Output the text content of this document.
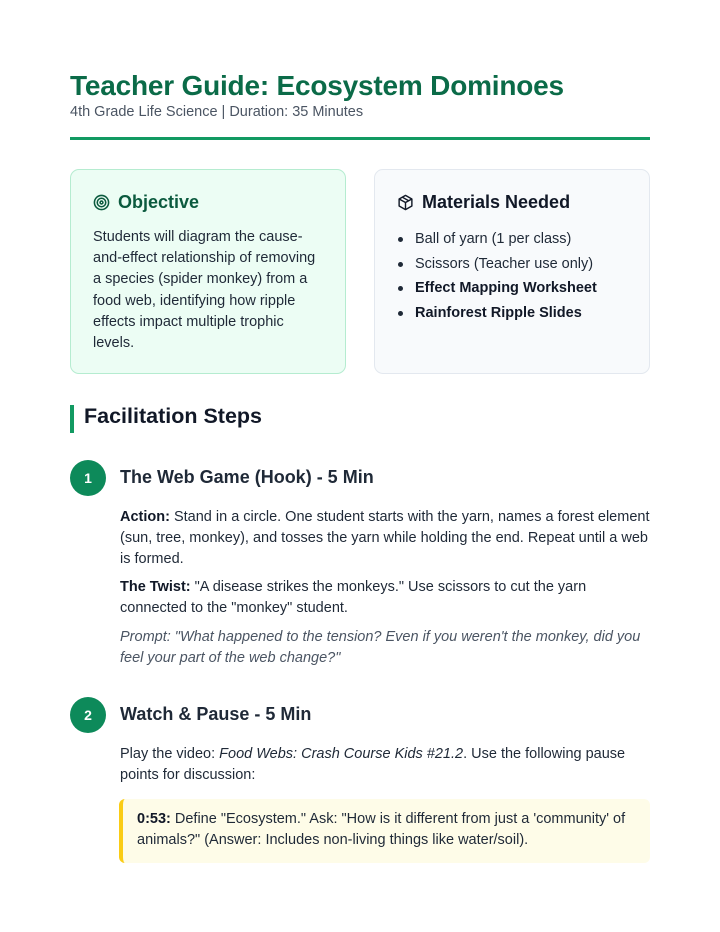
Teacher Guide: Ecosystem Dominoes
4th Grade Life Science | Duration: 35 Minutes
Objective
Students will diagram the cause-and-effect relationship of removing a species (spider monkey) from a food web, identifying how ripple effects impact multiple trophic levels.
Materials Needed
Ball of yarn (1 per class)
Scissors (Teacher use only)
Effect Mapping Worksheet
Rainforest Ripple Slides
Facilitation Steps
1	The Web Game (Hook) - 5 Min
Action: Stand in a circle. One student starts with the yarn, names a forest element (sun, tree, monkey), and tosses the yarn while holding the end. Repeat until a web is formed.
The Twist: "A disease strikes the monkeys." Use scissors to cut the yarn connected to the "monkey" student.
Prompt: "What happened to the tension? Even if you weren't the monkey, did you feel your part of the web change?"
2	Watch & Pause - 5 Min
Play the video: Food Webs: Crash Course Kids #21.2. Use the following pause points for discussion:
0:53: Define "Ecosystem." Ask: "How is it different from just a 'community' of animals?" (Answer: Includes non-living things like water/soil).
